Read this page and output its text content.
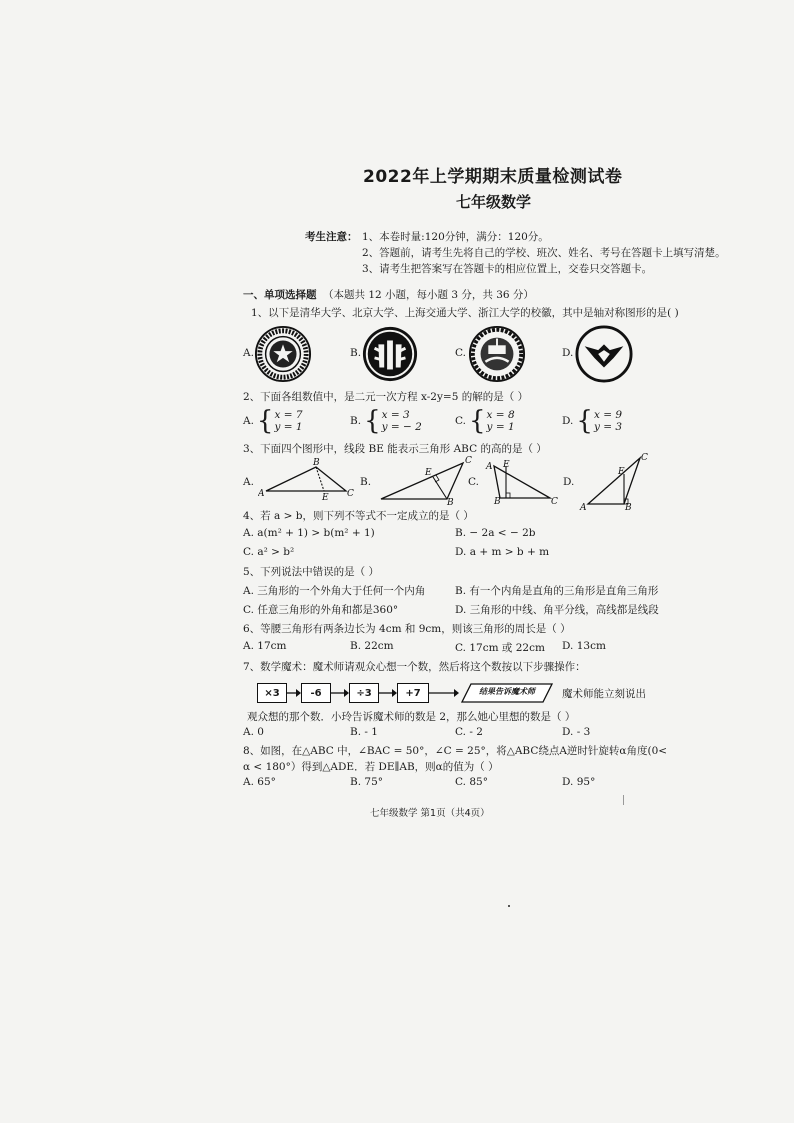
2022年上学期期末质量检测试卷
七年级数学
考生注意： 1、本卷时量:120分钟，满分：120分。
2、答题前，请考生先将自己的学校、班次、姓名、考号在答题卡上填写清楚。
3、请考生把答案写在答题卡的相应位置上，交卷只交答题卡。
一、单项选择题 （本题共 12 小题，每小题 3 分，共 36 分）
1、以下是清华大学、北京大学、上海交通大学、浙江大学的校徽，其中是轴对称图形的是( )
A.	B.	C.	D.
2、下面各组数值中，是二元一次方程 x-2y=5 的解的是（ ）
A. { x = 7
y = 1	B. { x = 3
y = − 2	C. { x = 8
y = 1	D. { x = 9
y = 3
3、下面四个图形中，线段 BE 能表示三角形 ABC 的高的是（ ）
A.	B.	C.	D.
A
B
C
E
C
E
B
A E
B	C
A
E
B
C
4、若 a > b，则下列不等式不一定成立的是（ ）
A. a(m² + 1) > b(m² + 1)	B. − 2a < − 2b
C. a² > b²	D. a + m > b + m
5、下列说法中错误的是（ ）
A. 三角形的一个外角大于任何一个内角	B. 有一个内角是直角的三角形是直角三角形
C. 任意三角形的外角和都是360°	D. 三角形的中线、角平分线，高线都是线段
6、等腰三角形有两条边长为 4cm 和 9cm，则该三角形的周长是（ ）
A. 17cm	B. 22cm	C. 17cm 或 22cm D. 13cm
7、数学魔术：魔术师请观众心想一个数，然后将这个数按以下步骤操作：
×3	-6	÷3	+7	结果告诉魔术师	魔术师能立刻说出
观众想的那个数．小玲告诉魔术师的数是 2，那么她心里想的数是（ ）
A. 0	B. - 1	C. - 2	D. - 3
8、如图，在△ABC 中，∠BAC = 50°，∠C = 25°，将△ABC绕点A逆时针旋转α角度(0<
α < 180°）得到△ADE．若 DE∥AB，则α的值为（ ）
A. 65°	B. 75°	C. 85°	D. 95°
七年级数学 第1页（共4页）
